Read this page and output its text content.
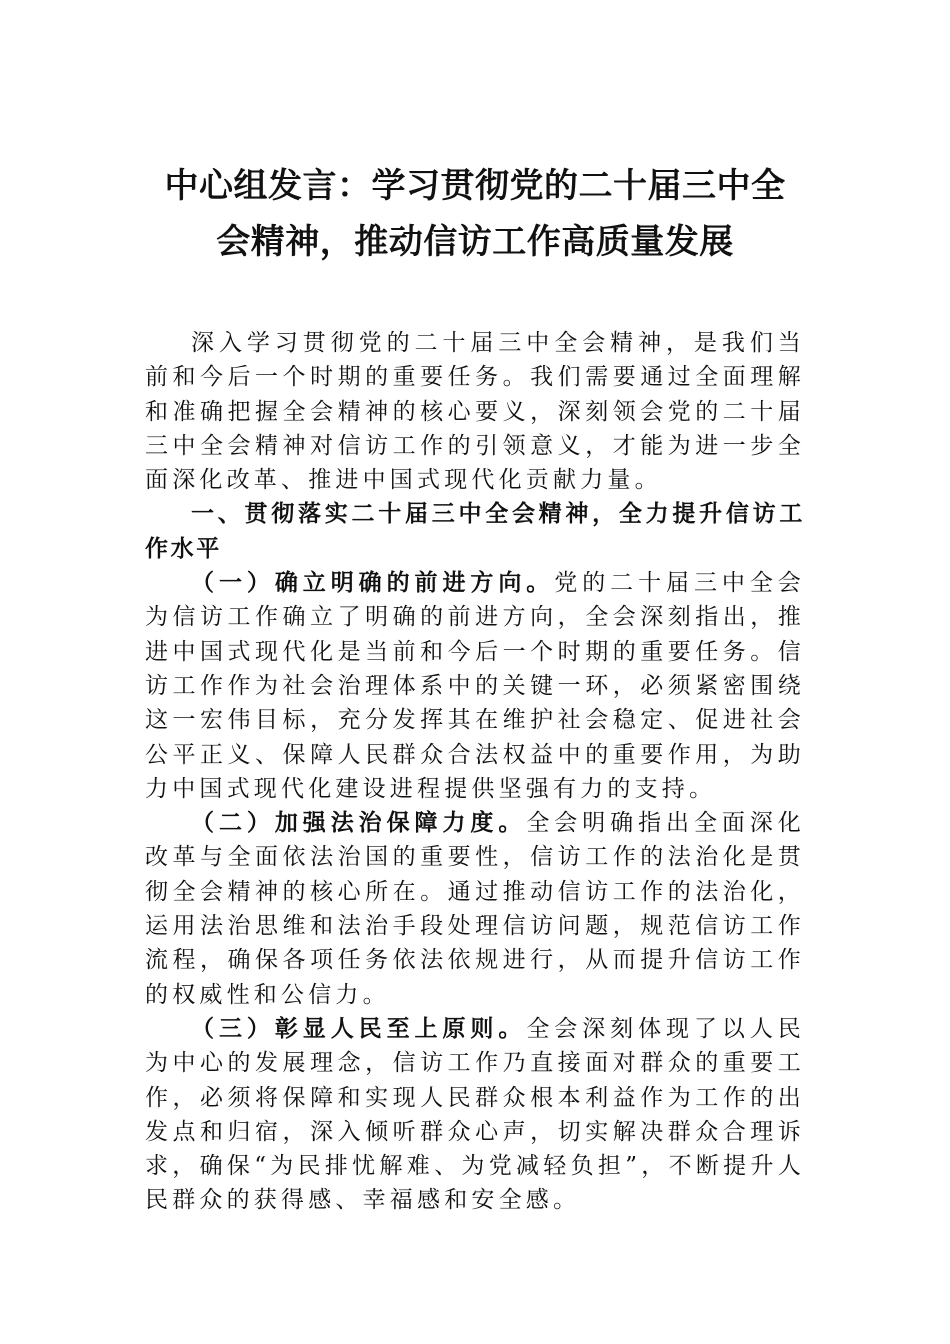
中心组发言：学习贯彻党的二十届三中全
会精神，推动信访工作高质量发展

深入学习贯彻党的二十届三中全会精神，是我们当前和今后一个时期的重要任务。我们需要通过全面理解和准确把握全会精神的核心要义，深刻领会党的二十届三中全会精神对信访工作的引领意义，才能为进一步全面深化改革、推进中国式现代化贡献力量。

一、贯彻落实二十届三中全会精神，全力提升信访工作水平

（一）确立明确的前进方向。党的二十届三中全会为信访工作确立了明确的前进方向，全会深刻指出，推进中国式现代化是当前和今后一个时期的重要任务。信访工作作为社会治理体系中的关键一环，必须紧密围绕这一宏伟目标，充分发挥其在维护社会稳定、促进社会公平正义、保障人民群众合法权益中的重要作用，为助力中国式现代化建设进程提供坚强有力的支持。

（二）加强法治保障力度。全会明确指出全面深化改革与全面依法治国的重要性，信访工作的法治化是贯彻全会精神的核心所在。通过推动信访工作的法治化，运用法治思维和法治手段处理信访问题，规范信访工作流程，确保各项任务依法依规进行，从而提升信访工作的权威性和公信力。

（三）彰显人民至上原则。全会深刻体现了以人民为中心的发展理念，信访工作乃直接面对群众的重要工作，必须将保障和实现人民群众根本利益作为工作的出发点和归宿，深入倾听群众心声，切实解决群众合理诉求，确保“为民排忧解难、为党减轻负担”，不断提升人民群众的获得感、幸福感和安全感。
